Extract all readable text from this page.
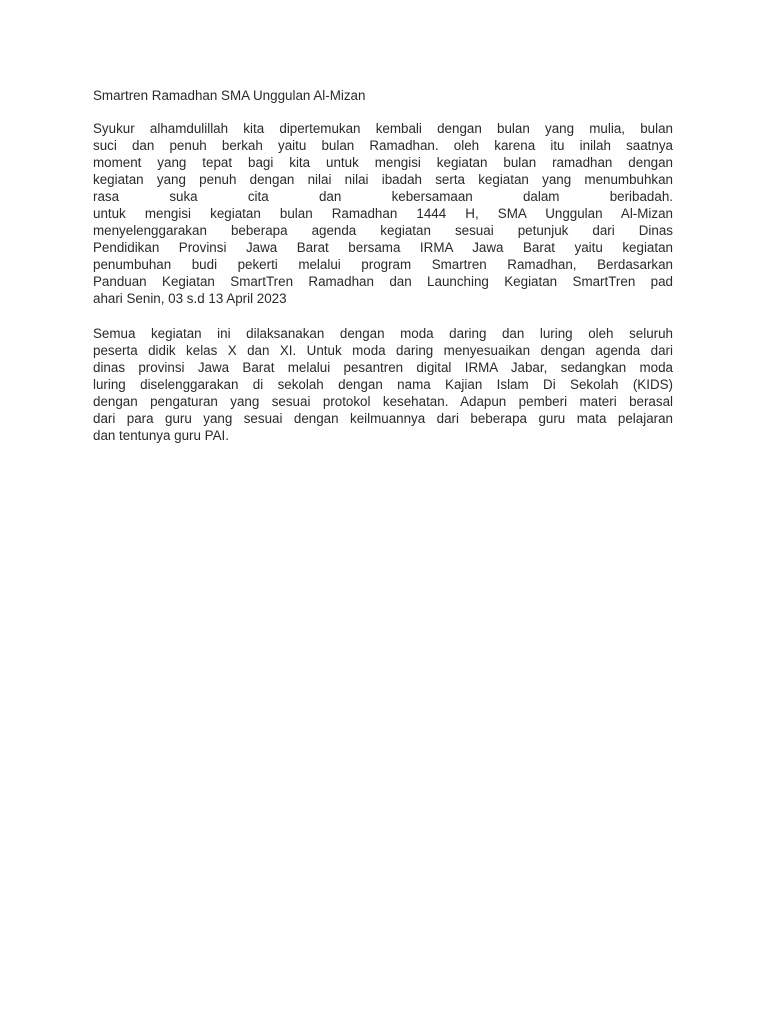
Smartren Ramadhan SMA Unggulan Al-Mizan

Syukur alhamdulillah kita dipertemukan kembali dengan bulan yang mulia, bulan
suci dan penuh berkah yaitu bulan Ramadhan. oleh karena itu inilah saatnya
moment yang tepat bagi kita untuk mengisi kegiatan bulan ramadhan dengan
kegiatan yang penuh dengan nilai nilai ibadah serta kegiatan yang menumbuhkan
rasa suka cita dan kebersamaan dalam beribadah.
untuk mengisi kegiatan bulan Ramadhan 1444 H, SMA Unggulan Al-Mizan
menyelenggarakan beberapa agenda kegiatan sesuai petunjuk dari Dinas
Pendidikan Provinsi Jawa Barat bersama IRMA Jawa Barat yaitu kegiatan
penumbuhan budi pekerti melalui program Smartren Ramadhan, Berdasarkan
Panduan Kegiatan SmartTren Ramadhan dan Launching Kegiatan SmartTren pad
ahari Senin, 03 s.d 13 April 2023
Semua kegiatan ini dilaksanakan dengan moda daring dan luring oleh seluruh
peserta didik kelas X dan XI. Untuk moda daring menyesuaikan dengan agenda dari
dinas provinsi Jawa Barat melalui pesantren digital IRMA Jabar, sedangkan moda
luring diselenggarakan di sekolah dengan nama Kajian Islam Di Sekolah (KIDS)
dengan pengaturan yang sesuai protokol kesehatan. Adapun pemberi materi berasal
dari para guru yang sesuai dengan keilmuannya dari beberapa guru mata pelajaran
dan tentunya guru PAI.
